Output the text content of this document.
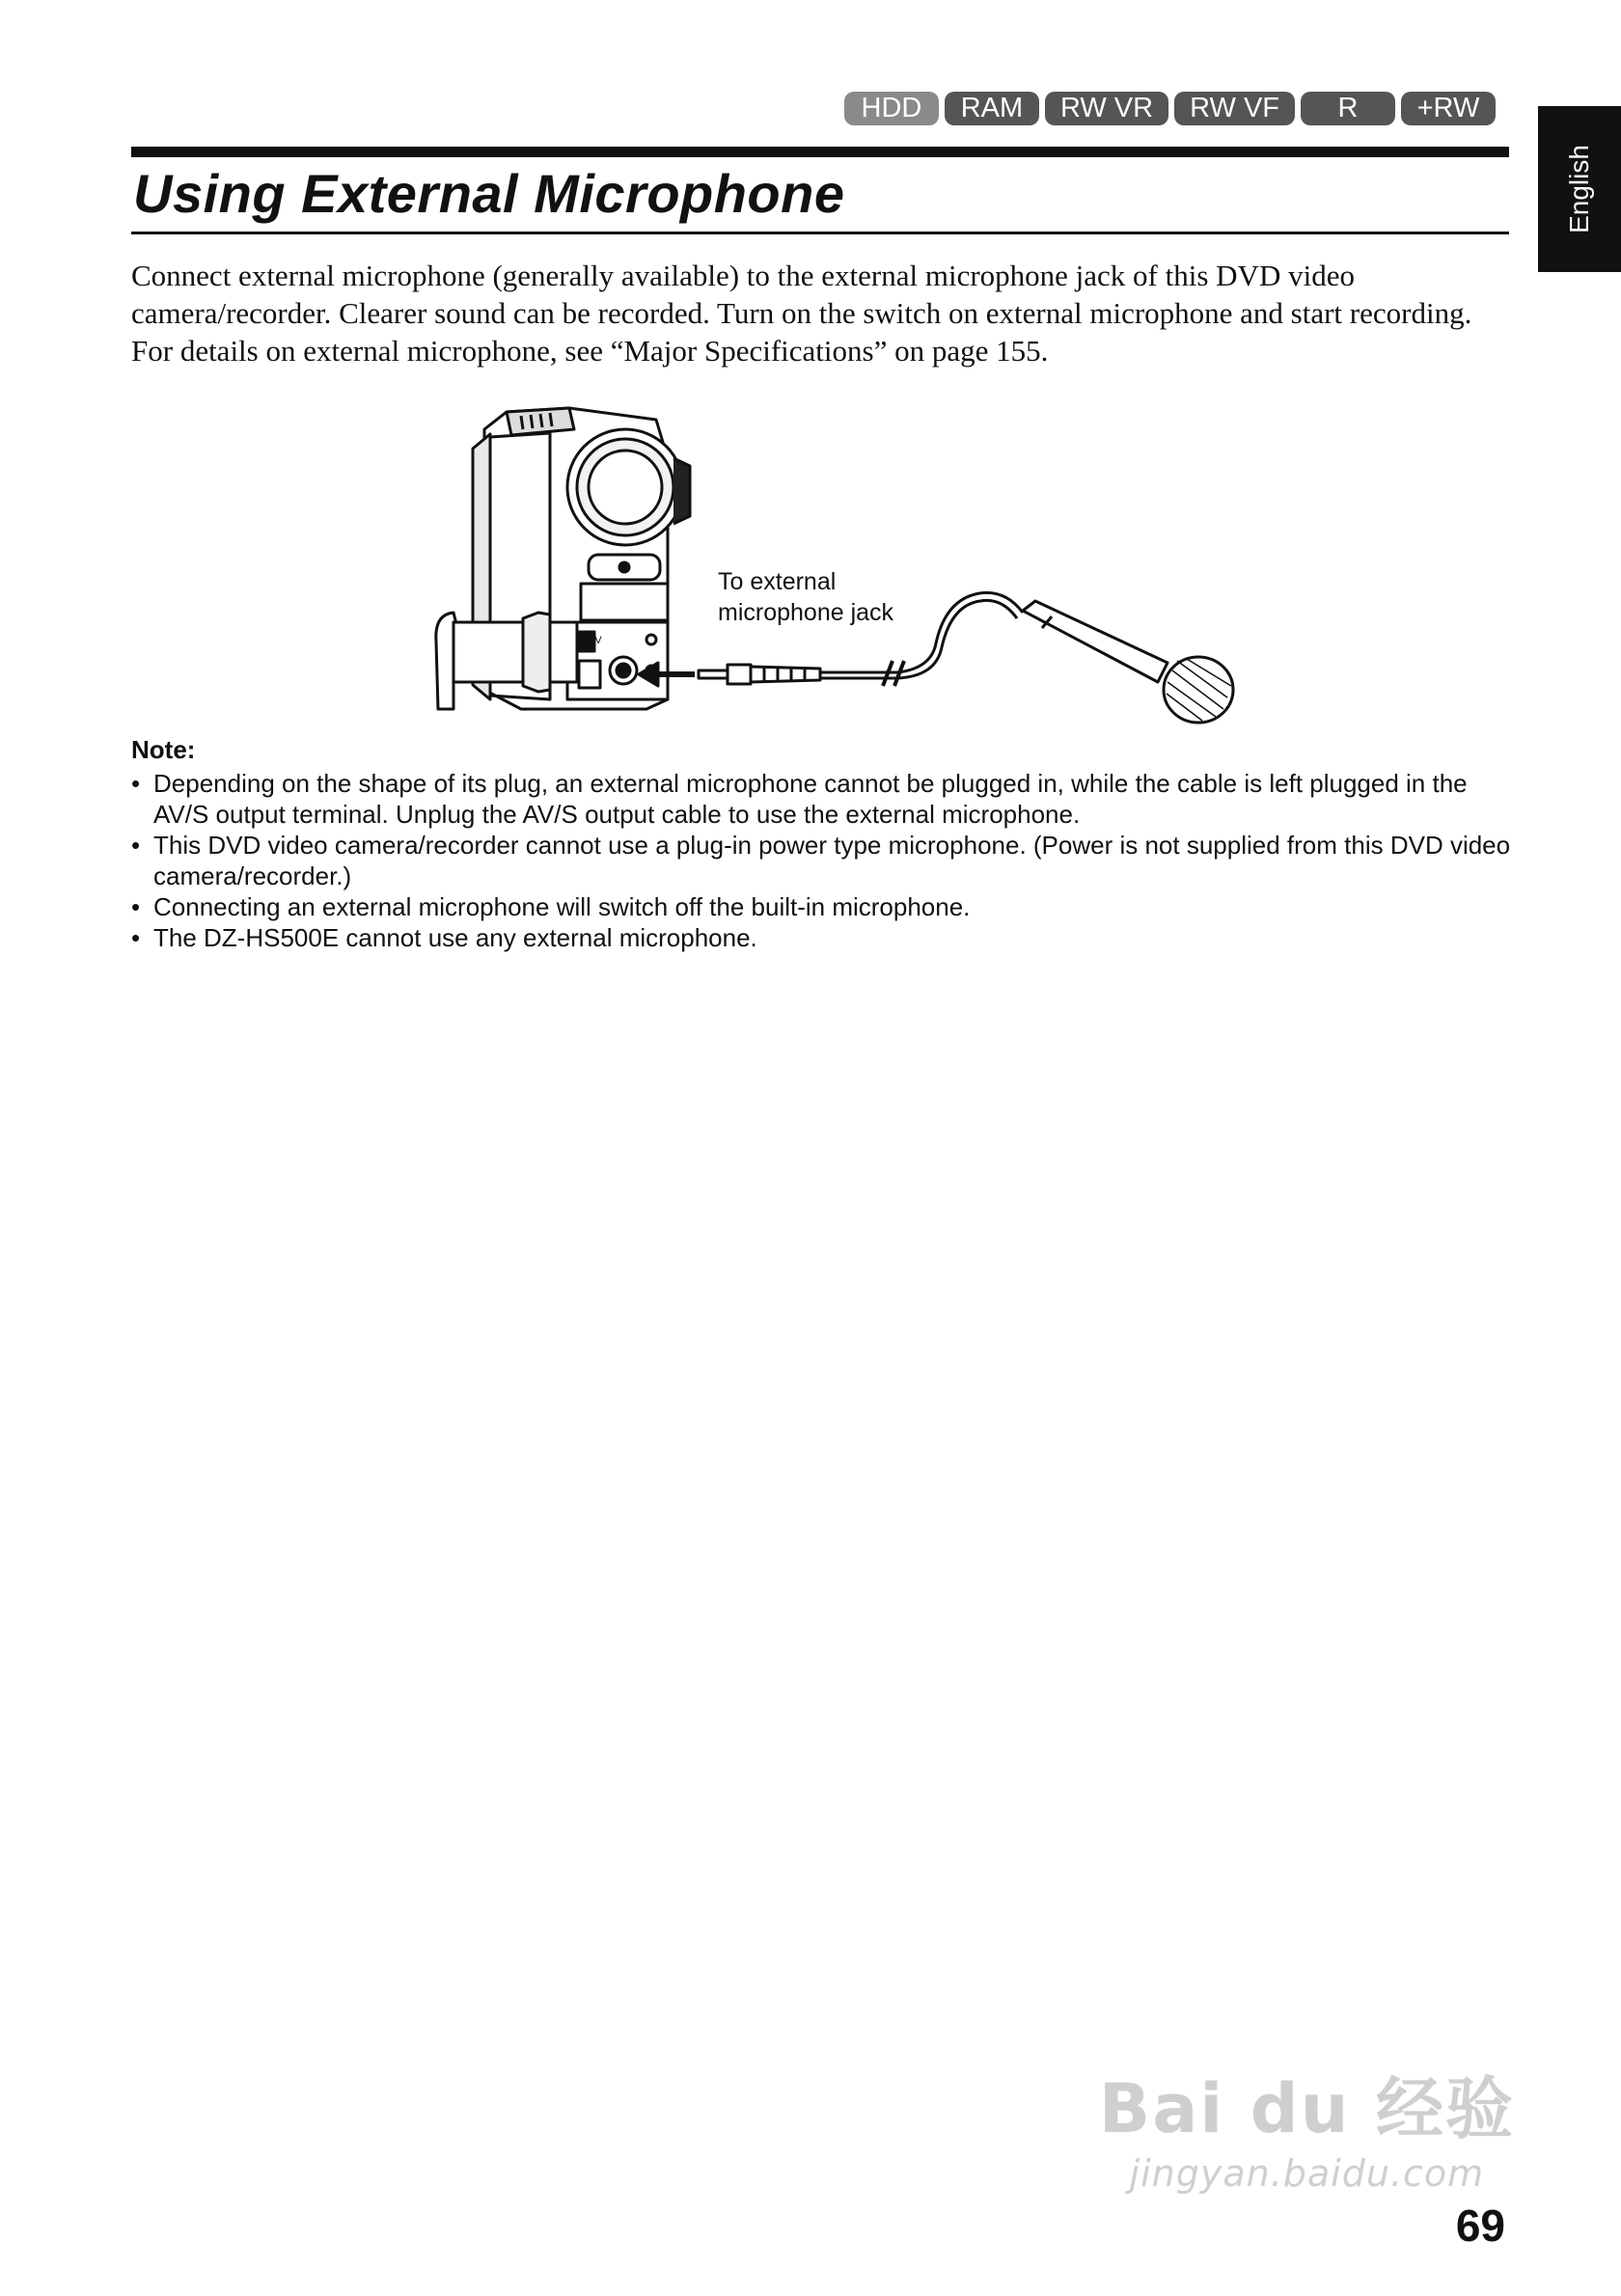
HDD	RAM	RW VR	RW VF	R	+RW
English
Using External Microphone

Connect external microphone (generally available) to the external microphone jack of this DVD video camera/recorder. Clearer sound can be recorded. Turn on the switch on external microphone and start recording. For details on external microphone, see “Major Specifications” on page 155.

A/V

To external
microphone jack

Note:

• Depending on the shape of its plug, an external microphone cannot be plugged in, while the cable is left plugged in the AV/S output terminal. Unplug the AV/S output cable to use the external microphone.
• This DVD video camera/recorder cannot use a plug-in power type microphone. (Power is not supplied from this DVD video camera/recorder.)
• Connecting an external microphone will switch off the built-in microphone.
• The DZ-HS500E cannot use any external microphone.
Bai du 经验
jingyan.baidu.com
69
